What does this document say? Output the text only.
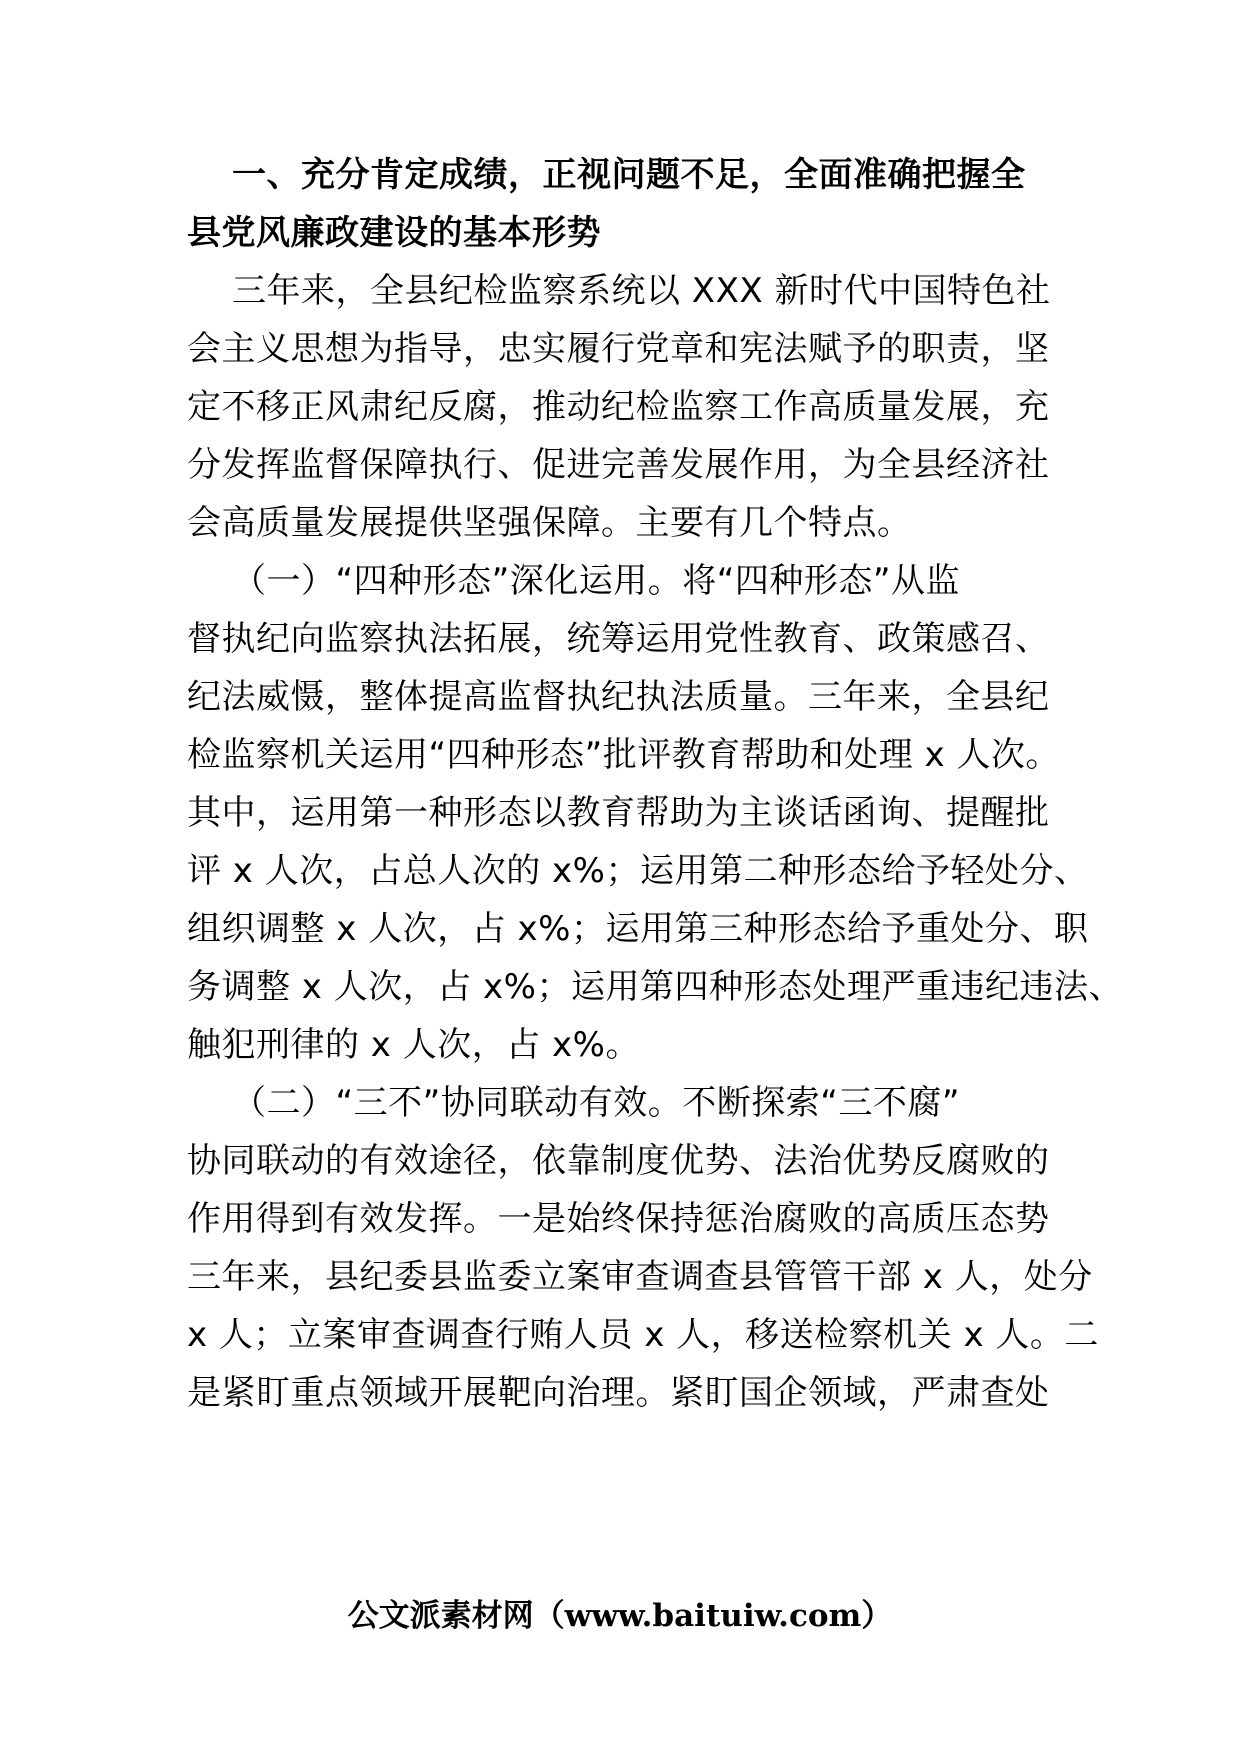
一、充分肯定成绩，正视问题不足，全面准确把握全
县党风廉政建设的基本形势
三年来，全县纪检监察系统以 XXX 新时代中国特色社
会主义思想为指导，忠实履行党章和宪法赋予的职责，坚
定不移正风肃纪反腐，推动纪检监察工作高质量发展，充
分发挥监督保障执行、促进完善发展作用，为全县经济社
会高质量发展提供坚强保障。主要有几个特点。
（一）“四种形态”深化运用。将“四种形态”从监
督执纪向监察执法拓展，统筹运用党性教育、政策感召、
纪法威慑，整体提高监督执纪执法质量。三年来，全县纪
检监察机关运用“四种形态”批评教育帮助和处理 x 人次。
其中，运用第一种形态以教育帮助为主谈话函询、提醒批
评 x 人次，占总人次的 x%；运用第二种形态给予轻处分、
组织调整 x 人次，占 x%；运用第三种形态给予重处分、职
务调整 x 人次，占 x%；运用第四种形态处理严重违纪违法、
触犯刑律的 x 人次，占 x%。
（二）“三不”协同联动有效。不断探索“三不腐”
协同联动的有效途径，依靠制度优势、法治优势反腐败的
作用得到有效发挥。一是始终保持惩治腐败的高质压态势
三年来，县纪委县监委立案审查调查县管管干部 x 人，处分
x 人；立案审查调查行贿人员 x 人，移送检察机关 x 人。二
是紧盯重点领域开展靶向治理。紧盯国企领域，严肃查处
公文派素材网（www.baituiw.com）
